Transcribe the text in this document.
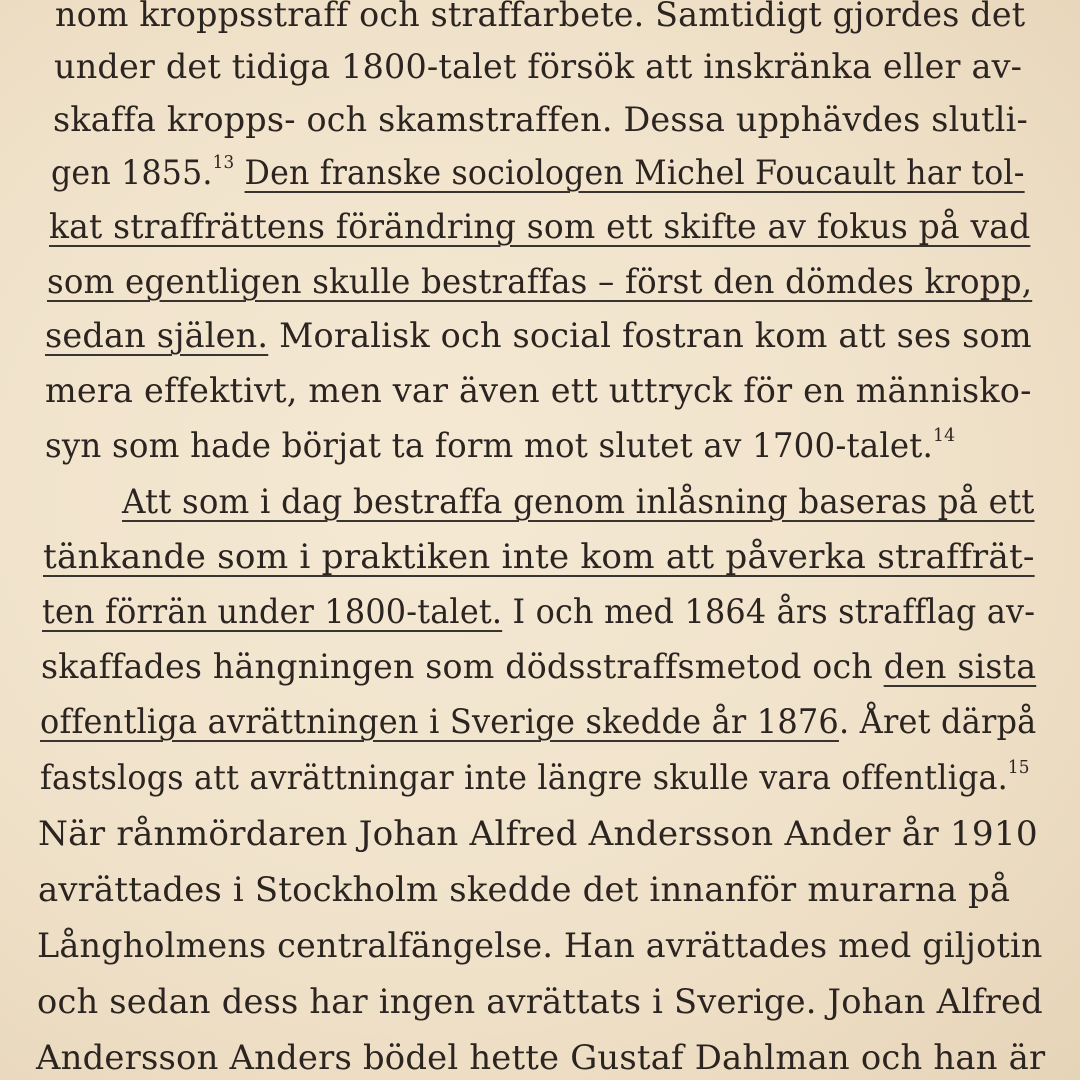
nom kroppsstraff och straffarbete. Samtidigt gjordes det
under det tidiga 1800-talet försök att inskränka eller av-
skaffa kropps- och skamstraffen. Dessa upphävdes slutli-
gen 1855.13 Den franske sociologen Michel Foucault har tol-
kat straffrättens förändring som ett skifte av fokus på vad
som egentligen skulle bestraffas – först den dömdes kropp,
sedan själen. Moralisk och social fostran kom att ses som
mera effektivt, men var även ett uttryck för en människo-
syn som hade börjat ta form mot slutet av 1700-talet.$^{14}$
Att som i dag bestraffa genom inlåsning baseras på ett
tänkande som i praktiken inte kom att påverka straffrät-
ten förrän under 1800-talet. I och med 1864 års strafflag av-
skaffades hängningen som dödsstraffsmetod och den sista
offentliga avrättningen i Sverige skedde år 1876. Året därpå
fastslogs att avrättningar inte längre skulle vara offentliga.$^{15}$
När rånmördaren Johan Alfred Andersson Ander år 1910
avrättades i Stockholm skedde det innanför murarna på
Långholmens centralfängelse. Han avrättades med giljotin
och sedan dess har ingen avrättats i Sverige. Johan Alfred
Andersson Anders bödel hette Gustaf Dahlman och han är
